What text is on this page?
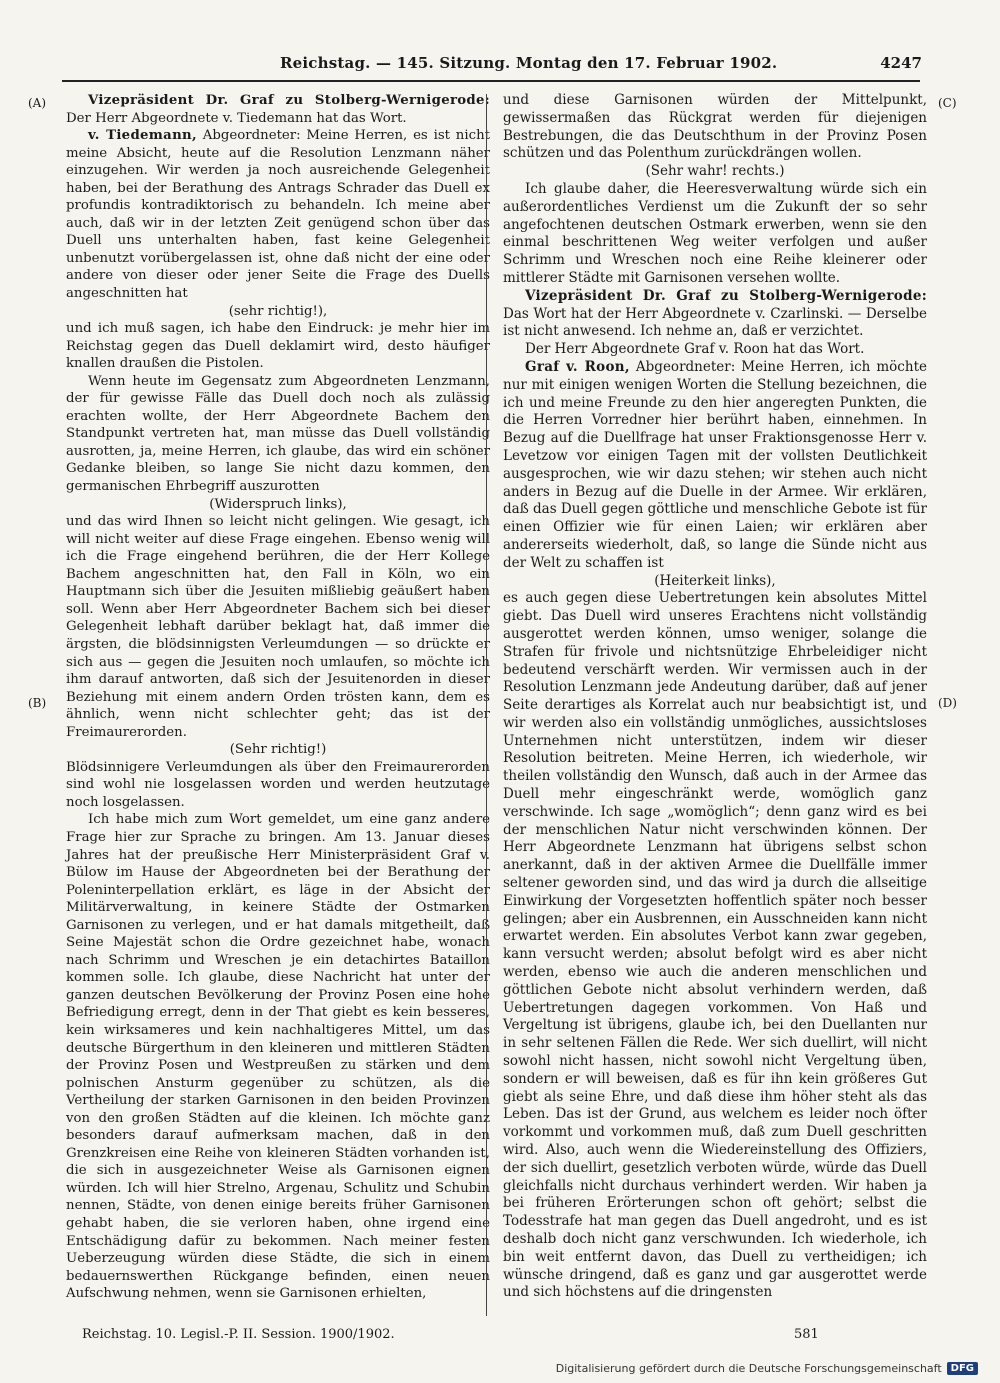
Reichstag. — 145. Sitzung. Montag den 17. Februar 1902.	4247
(A)
(B)
(C)
(D)

Vizepräsident Dr. Graf zu Stolberg-Wernigerode: Der Herr Abgeordnete v. Tiedemann hat das Wort.

v. Tiedemann, Abgeordneter: Meine Herren, es ist nicht meine Absicht, heute auf die Resolution Lenzmann näher einzugehen. Wir werden ja noch ausreichende Gelegenheit haben, bei der Berathung des Antrags Schrader das Duell ex profundis kontradiktorisch zu behandeln. Ich meine aber auch, daß wir in der letzten Zeit genügend schon über das Duell uns unterhalten haben, fast keine Gelegenheit unbenutzt vorübergelassen ist, ohne daß nicht der eine oder andere von dieser oder jener Seite die Frage des Duells angeschnitten hat

(sehr richtig!),

und ich muß sagen, ich habe den Eindruck: je mehr hier im Reichstag gegen das Duell deklamirt wird, desto häufiger knallen draußen die Pistolen.

Wenn heute im Gegensatz zum Abgeordneten Lenzmann, der für gewisse Fälle das Duell doch noch als zulässig erachten wollte, der Herr Abgeordnete Bachem den Standpunkt vertreten hat, man müsse das Duell vollständig ausrotten, ja, meine Herren, ich glaube, das wird ein schöner Gedanke bleiben, so lange Sie nicht dazu kommen, den germanischen Ehrbegriff auszurotten

(Widerspruch links),

und das wird Ihnen so leicht nicht gelingen. Wie gesagt, ich will nicht weiter auf diese Frage eingehen. Ebenso wenig will ich die Frage eingehend berühren, die der Herr Kollege Bachem angeschnitten hat, den Fall in Köln, wo ein Hauptmann sich über die Jesuiten mißliebig geäußert haben soll. Wenn aber Herr Abgeordneter Bachem sich bei dieser Gelegenheit lebhaft darüber beklagt hat, daß immer die ärgsten, die blödsinnigsten Verleumdungen — so drückte er sich aus — gegen die Jesuiten noch umlaufen, so möchte ich ihm darauf antworten, daß sich der Jesuitenorden in dieser Beziehung mit einem andern Orden trösten kann, dem es ähnlich, wenn nicht schlechter geht; das ist der Freimaurerorden.

(Sehr richtig!)

Blödsinnigere Verleumdungen als über den Freimaurerorden sind wohl nie losgelassen worden und werden heutzutage noch losgelassen.

Ich habe mich zum Wort gemeldet, um eine ganz andere Frage hier zur Sprache zu bringen. Am 13. Januar dieses Jahres hat der preußische Herr Ministerpräsident Graf v. Bülow im Hause der Abgeordneten bei der Berathung der Poleninterpellation erklärt, es läge in der Absicht der Militärverwaltung, in keinere Städte der Ostmarken Garnisonen zu verlegen, und er hat damals mitgetheilt, daß Seine Majestät schon die Ordre gezeichnet habe, wonach nach Schrimm und Wreschen je ein detachirtes Bataillon kommen solle. Ich glaube, diese Nachricht hat unter der ganzen deutschen Bevölkerung der Provinz Posen eine hohe Befriedigung erregt, denn in der That giebt es kein besseres, kein wirksameres und kein nachhaltigeres Mittel, um das deutsche Bürgerthum in den kleineren und mittleren Städten der Provinz Posen und Westpreußen zu stärken und dem polnischen Ansturm gegenüber zu schützen, als die Vertheilung der starken Garnisonen in den beiden Provinzen von den großen Städten auf die kleinen. Ich möchte ganz besonders darauf aufmerksam machen, daß in den Grenzkreisen eine Reihe von kleineren Städten vorhanden ist, die sich in ausgezeichneter Weise als Garnisonen eignen würden. Ich will hier Strelno, Argenau, Schulitz und Schubin nennen, Städte, von denen einige bereits früher Garnisonen gehabt haben, die sie verloren haben, ohne irgend eine Entschädigung dafür zu bekommen. Nach meiner festen Ueberzeugung würden diese Städte, die sich in einem bedauernswerthen Rückgange befinden, einen neuen Aufschwung nehmen, wenn sie Garnisonen erhielten,

und diese Garnisonen würden der Mittelpunkt, gewissermaßen das Rückgrat werden für diejenigen Bestrebungen, die das Deutschthum in der Provinz Posen schützen und das Polenthum zurückdrängen wollen.

(Sehr wahr! rechts.)

Ich glaube daher, die Heeresverwaltung würde sich ein außerordentliches Verdienst um die Zukunft der so sehr angefochtenen deutschen Ostmark erwerben, wenn sie den einmal beschrittenen Weg weiter verfolgen und außer Schrimm und Wreschen noch eine Reihe kleinerer oder mittlerer Städte mit Garnisonen versehen wollte.

Vizepräsident Dr. Graf zu Stolberg-Wernigerode: Das Wort hat der Herr Abgeordnete v. Czarlinski. — Derselbe ist nicht anwesend. Ich nehme an, daß er verzichtet.

Der Herr Abgeordnete Graf v. Roon hat das Wort.

Graf v. Roon, Abgeordneter: Meine Herren, ich möchte nur mit einigen wenigen Worten die Stellung bezeichnen, die ich und meine Freunde zu den hier angeregten Punkten, die die Herren Vorredner hier berührt haben, einnehmen. In Bezug auf die Duellfrage hat unser Fraktionsgenosse Herr v. Levetzow vor einigen Tagen mit der vollsten Deutlichkeit ausgesprochen, wie wir dazu stehen; wir stehen auch nicht anders in Bezug auf die Duelle in der Armee. Wir erklären, daß das Duell gegen göttliche und menschliche Gebote ist für einen Offizier wie für einen Laien; wir erklären aber andererseits wiederholt, daß, so lange die Sünde nicht aus der Welt zu schaffen ist

(Heiterkeit links),

es auch gegen diese Uebertretungen kein absolutes Mittel giebt. Das Duell wird unseres Erachtens nicht vollständig ausgerottet werden können, umso weniger, solange die Strafen für frivole und nichtsnützige Ehrbeleidiger nicht bedeutend verschärft werden. Wir vermissen auch in der Resolution Lenzmann jede Andeutung darüber, daß auf jener Seite derartiges als Korrelat auch nur beabsichtigt ist, und wir werden also ein vollständig unmögliches, aussichtsloses Unternehmen nicht unterstützen, indem wir dieser Resolution beitreten. Meine Herren, ich wiederhole, wir theilen vollständig den Wunsch, daß auch in der Armee das Duell mehr eingeschränkt werde, womöglich ganz verschwinde. Ich sage „womöglich“; denn ganz wird es bei der menschlichen Natur nicht verschwinden können. Der Herr Abgeordnete Lenzmann hat übrigens selbst schon anerkannt, daß in der aktiven Armee die Duellfälle immer seltener geworden sind, und das wird ja durch die allseitige Einwirkung der Vorgesetzten hoffentlich später noch besser gelingen; aber ein Ausbrennen, ein Ausschneiden kann nicht erwartet werden. Ein absolutes Verbot kann zwar gegeben, kann versucht werden; absolut befolgt wird es aber nicht werden, ebenso wie auch die anderen menschlichen und göttlichen Gebote nicht absolut verhindern werden, daß Uebertretungen dagegen vorkommen. Von Haß und Vergeltung ist übrigens, glaube ich, bei den Duellanten nur in sehr seltenen Fällen die Rede. Wer sich duellirt, will nicht sowohl nicht hassen, nicht sowohl nicht Vergeltung üben, sondern er will beweisen, daß es für ihn kein größeres Gut giebt als seine Ehre, und daß diese ihm höher steht als das Leben. Das ist der Grund, aus welchem es leider noch öfter vorkommt und vorkommen muß, daß zum Duell geschritten wird. Also, auch wenn die Wiedereinstellung des Offiziers, der sich duellirt, gesetzlich verboten würde, würde das Duell gleichfalls nicht durchaus verhindert werden. Wir haben ja bei früheren Erörterungen schon oft gehört; selbst die Todesstrafe hat man gegen das Duell angedroht, und es ist deshalb doch nicht ganz verschwunden. Ich wiederhole, ich bin weit entfernt davon, das Duell zu vertheidigen; ich wünsche dringend, daß es ganz und gar ausgerottet werde und sich höchstens auf die dringensten

Reichstag. 10. Legisl.-P. II. Session. 1900/1902.	581
Digitalisierung gefördert durch die Deutsche Forschungsgemeinschaft DFG
